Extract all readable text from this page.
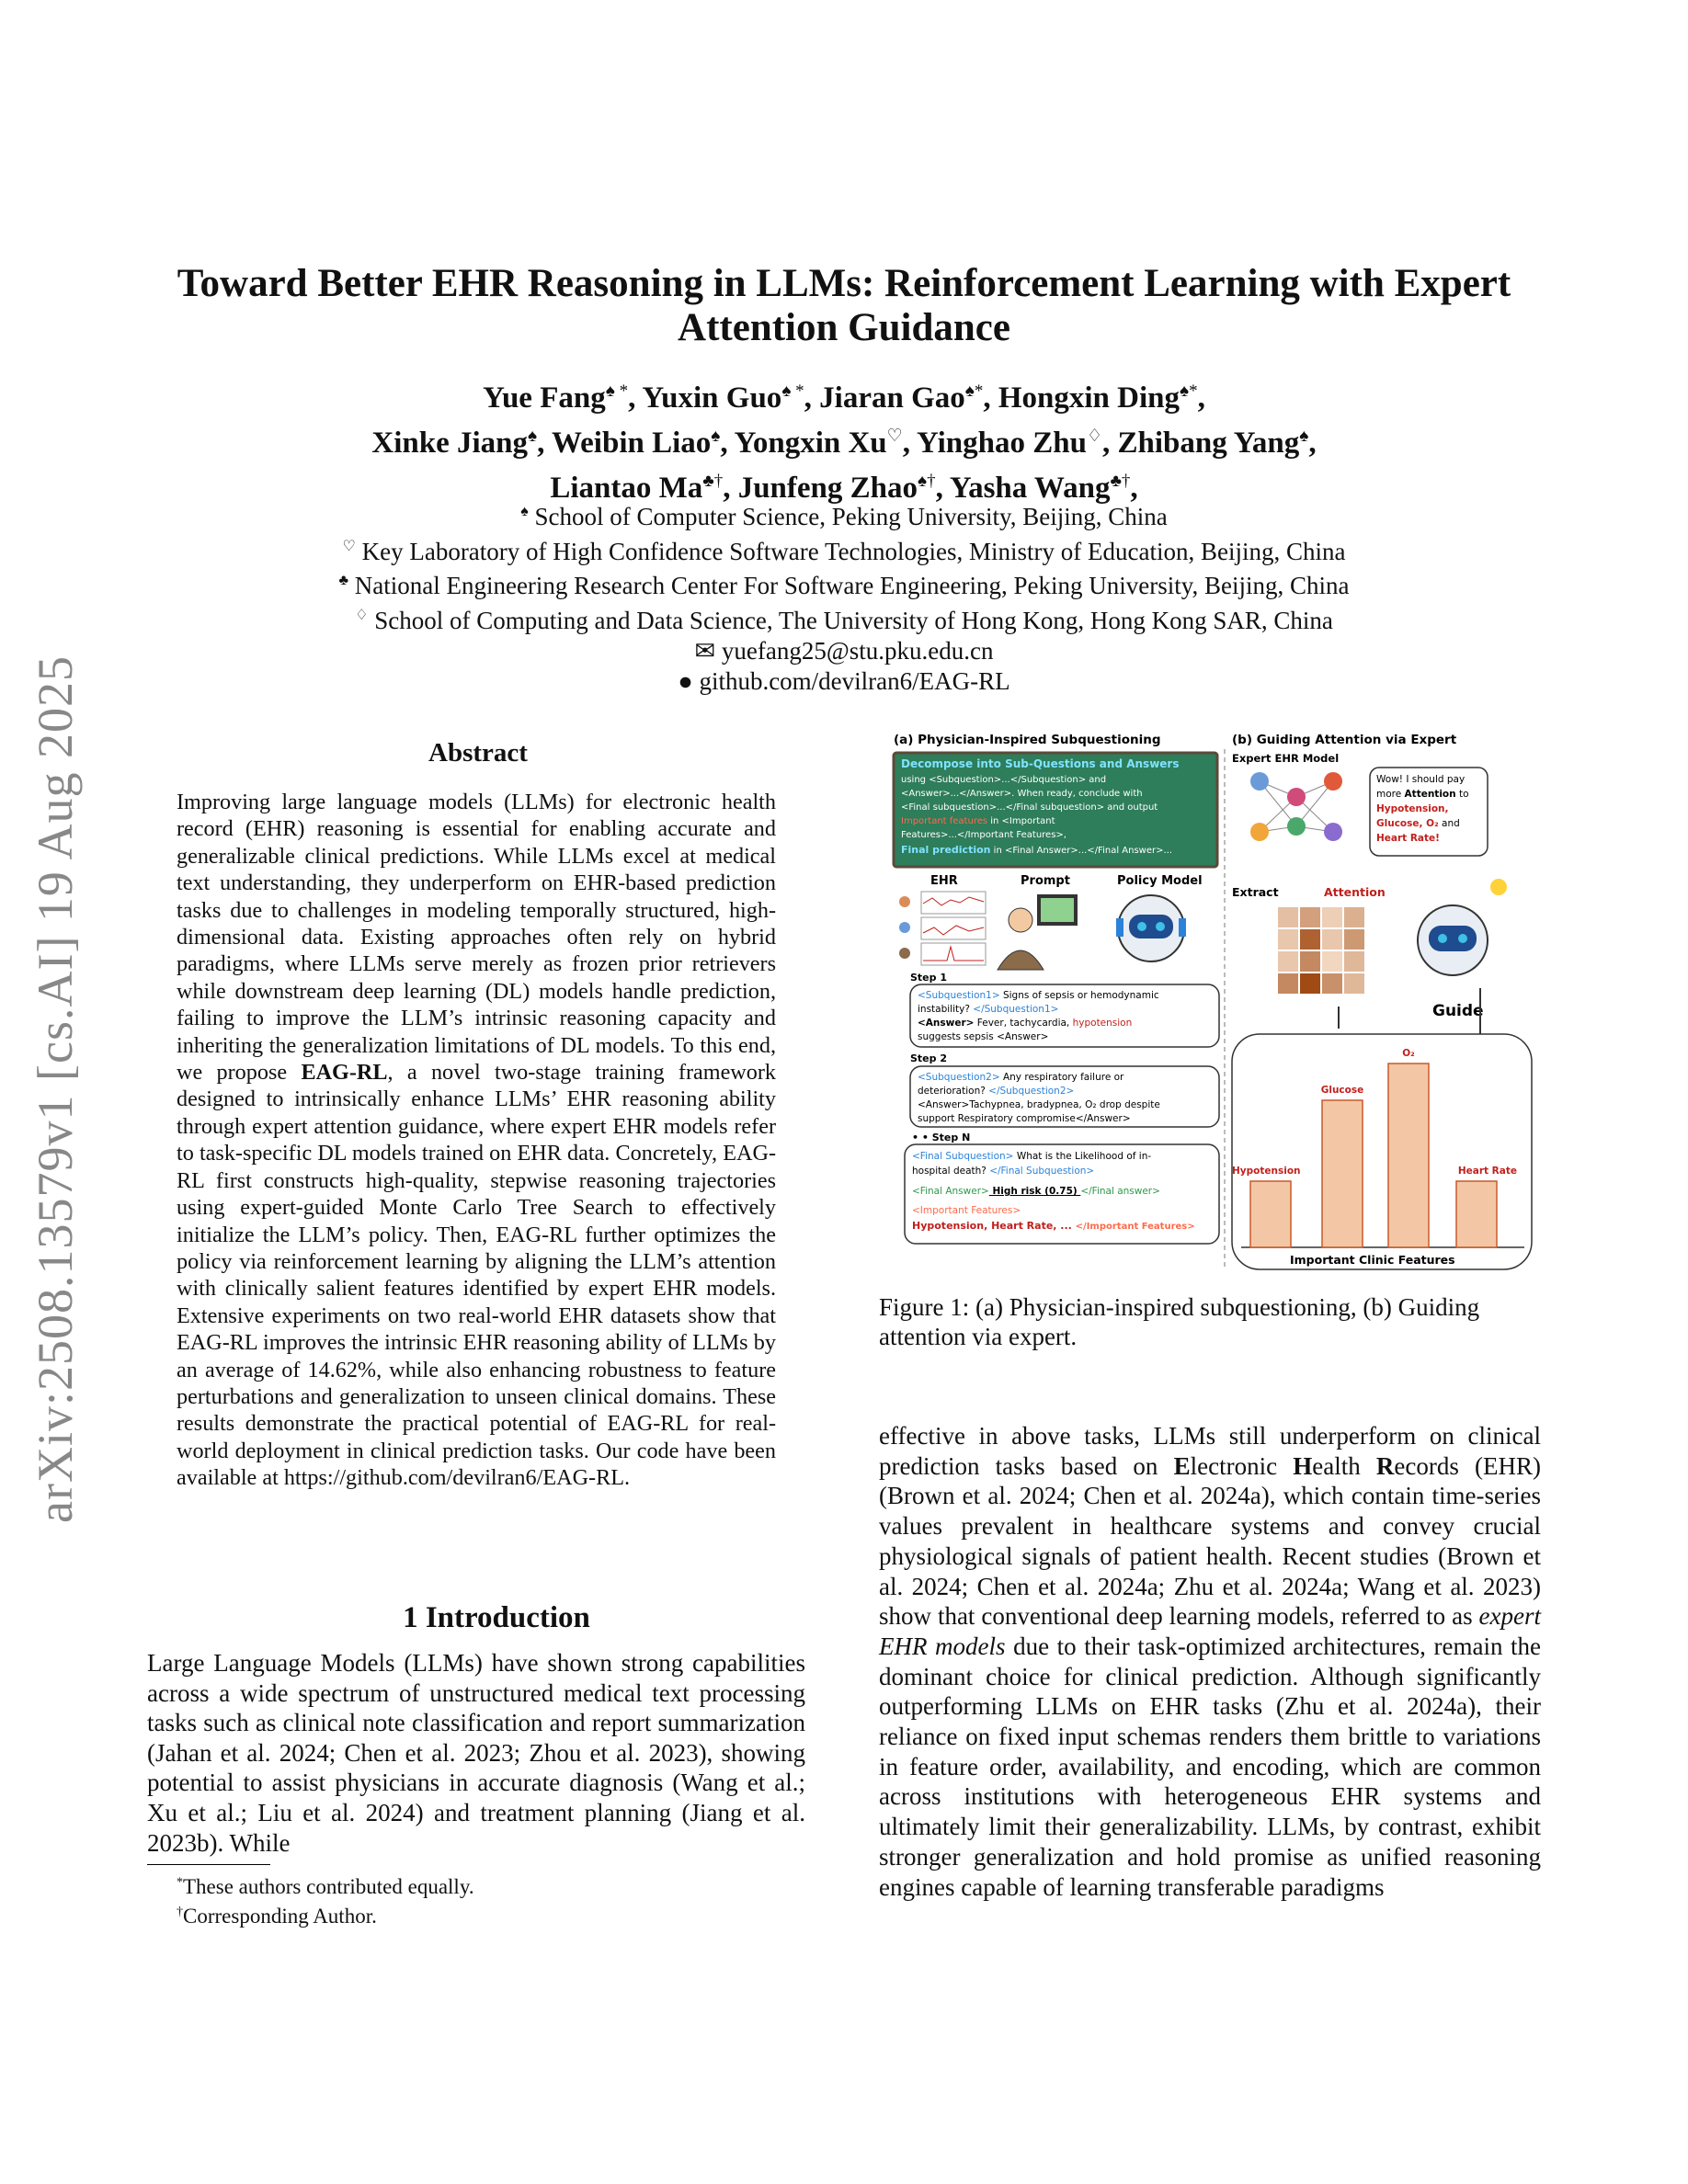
arXiv:2508.13579v1 [cs.AI] 19 Aug 2025
Toward Better EHR Reasoning in LLMs: Reinforcement Learning with Expert
Attention Guidance
Yue Fang♠ *, Yuxin Guo♠ *, Jiaran Gao♠*, Hongxin Ding♠*,
Xinke Jiang♠, Weibin Liao♠, Yongxin Xu♡, Yinghao Zhu♢, Zhibang Yang♠,
Liantao Ma♣†, Junfeng Zhao♠†, Yasha Wang♣†,
♠ School of Computer Science, Peking University, Beijing, China
♡ Key Laboratory of High Confidence Software Technologies, Ministry of Education, Beijing, China
♣ National Engineering Research Center For Software Engineering, Peking University, Beijing, China
♢ School of Computing and Data Science, The University of Hong Kong, Hong Kong SAR, China
✉ yuefang25@stu.pku.edu.cn
● github.com/devilran6/EAG-RL
Abstract
Improving large language models (LLMs) for electronic health record (EHR) reasoning is essential for enabling accurate and generalizable clinical predictions. While LLMs excel at medical text understanding, they underperform on EHR-based prediction tasks due to challenges in modeling temporally structured, high-dimensional data. Existing approaches often rely on hybrid paradigms, where LLMs serve merely as frozen prior retrievers while downstream deep learning (DL) models handle prediction, failing to improve the LLM’s intrinsic reasoning capacity and inheriting the generalization limitations of DL models. To this end, we propose EAG-RL, a novel two-stage training framework designed to intrinsically enhance LLMs’ EHR reasoning ability through expert attention guidance, where expert EHR models refer to task-specific DL models trained on EHR data. Concretely, EAG-RL first constructs high-quality, stepwise reasoning trajectories using expert-guided Monte Carlo Tree Search to effectively initialize the LLM’s policy. Then, EAG-RL further optimizes the policy via reinforcement learning by aligning the LLM’s attention with clinically salient features identified by expert EHR models. Extensive experiments on two real-world EHR datasets show that EAG-RL improves the intrinsic EHR reasoning ability of LLMs by an average of 14.62%, while also enhancing robustness to feature perturbations and generalization to unseen clinical domains. These results demonstrate the practical potential of EAG-RL for real-world deployment in clinical prediction tasks. Our code have been available at https://github.com/devilran6/EAG-RL.
1 Introduction
Large Language Models (LLMs) have shown strong capabilities across a wide spectrum of unstructured medical text processing tasks such as clinical note classification and report summarization (Jahan et al. 2024; Chen et al. 2023; Zhou et al. 2023), showing potential to assist physicians in accurate diagnosis (Wang et al.; Xu et al.; Liu et al. 2024) and treatment planning (Jiang et al. 2023b). While
*These authors contributed equally.
†Corresponding Author.
(a) Physician-Inspired Subquestioning	(b) Guiding Attention via Expert
Decompose into Sub-Questions and Answers
using <Subquestion>...</Subquestion> and
<Answer>...</Answer>. When ready, conclude with
<Final subquestion>...</Final subquestion> and output
Important features in <Important
Features>...</Important Features>,
Final prediction in <Final Answer>...</Final Answer>...
EHR	Prompt	Policy Model
Step 1
<Subquestion1> Signs of sepsis or hemodynamic
instability? </Subquestion1>
<Answer> Fever, tachycardia, hypotension
suggests sepsis <Answer>
Step 2
<Subquestion2> Any respiratory failure or
deterioration? </Subquestion2>
<Answer>Tachypnea, bradypnea, O₂ drop despite
support Respiratory compromise</Answer>
• • Step N
<Final Subquestion> What is the Likelihood of in-
hospital death? </Final Subquestion>
<Final Answer> High risk (0.75) </Final answer>
<Important Features>
Hypotension, Heart Rate, ... </Important Features>
Expert EHR Model
Wow! I should pay
more Attention to
Hypotension,
Glucose, O₂ and
Heart Rate!
Extract	Attention
Guide
Hypotension
Glucose
O₂
Heart Rate
Important Clinic Features
Figure 1: (a) Physician-inspired subquestioning, (b) Guiding attention via expert.
effective in above tasks, LLMs still underperform on clinical prediction tasks based on Electronic Health Records (EHR) (Brown et al. 2024; Chen et al. 2024a), which contain time-series values prevalent in healthcare systems and convey crucial physiological signals of patient health. Recent studies (Brown et al. 2024; Chen et al. 2024a; Zhu et al. 2024a; Wang et al. 2023) show that conventional deep learning models, referred to as expert EHR models due to their task-optimized architectures, remain the dominant choice for clinical prediction. Although significantly outperforming LLMs on EHR tasks (Zhu et al. 2024a), their reliance on fixed input schemas renders them brittle to variations in feature order, availability, and encoding, which are common across institutions with heterogeneous EHR systems and ultimately limit their generalizability. LLMs, by contrast, exhibit stronger generalization and hold promise as unified reasoning engines capable of learning transferable paradigms
